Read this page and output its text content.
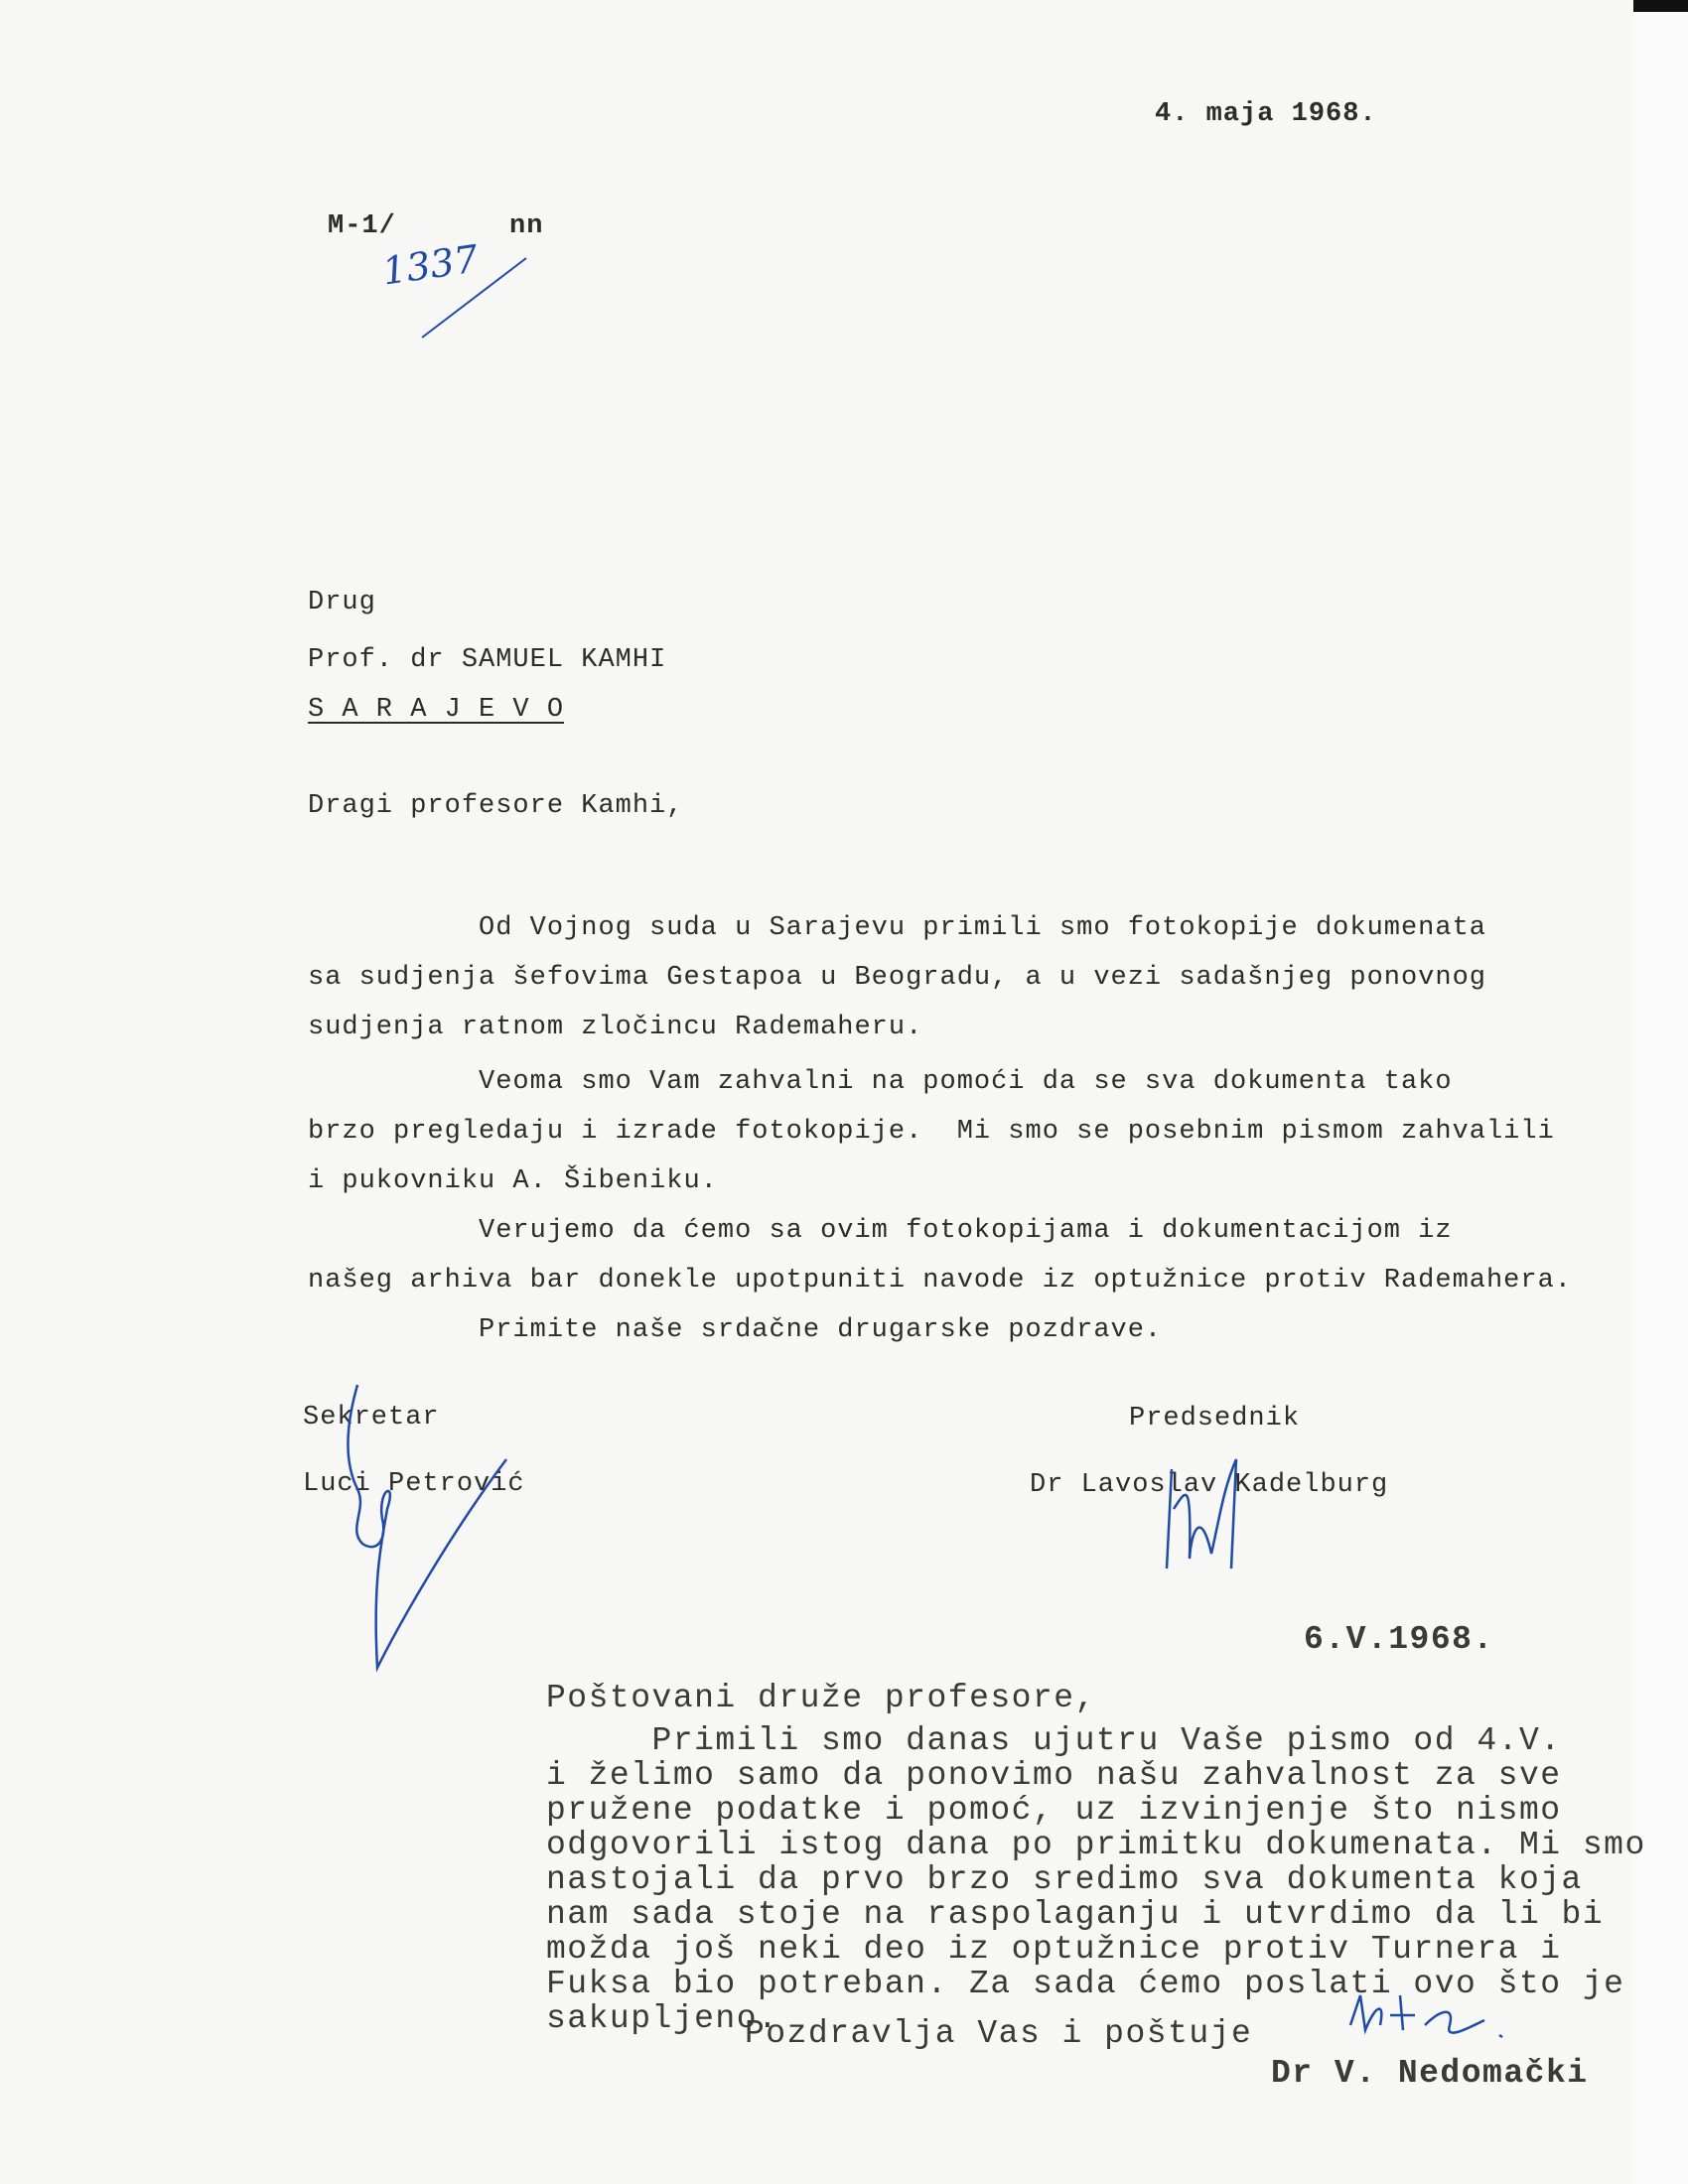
4. maja 1968.
M-1/	nn
1337
Drug
Prof. dr SAMUEL KAMHI
S A R A J E V O
Dragi profesore Kamhi,
Od Vojnog suda u Sarajevu primili smo fotokopije dokumenata
sa sudjenja šefovima Gestapoa u Beogradu, a u vezi sadašnjeg ponovnog
sudjenja ratnom zločincu Rademaheru.
Veoma smo Vam zahvalni na pomoći da se sva dokumenta tako
brzo pregledaju i izrade fotokopije.  Mi smo se posebnim pismom zahvalili
i pukovniku A. Šibeniku.
Verujemo da ćemo sa ovim fotokopijama i dokumentacijom iz
našeg arhiva bar donekle upotpuniti navode iz optužnice protiv Rademahera.
Primite naše srdačne drugarske pozdrave.
Sekretar
Luci Petrović
Predsednik
Dr Lavoslav Kadelburg
6.V.1968.
Poštovani druže profesore,
Primili smo danas ujutru Vaše pismo od 4.V.
i želimo samo da ponovimo našu zahvalnost za sve
pružene podatke i pomoć, uz izvinjenje što nismo
odgovorili istog dana po primitku dokumenata. Mi smo
nastojali da prvo brzo sredimo sva dokumenta koja
nam sada stoje na raspolaganju i utvrdimo da li bi
možda još neki deo iz optužnice protiv Turnera i
Fuksa bio potreban. Za sada ćemo poslati ovo što je
sakupljeno.
Pozdravlja Vas i poštuje
Dr V. Nedomački
